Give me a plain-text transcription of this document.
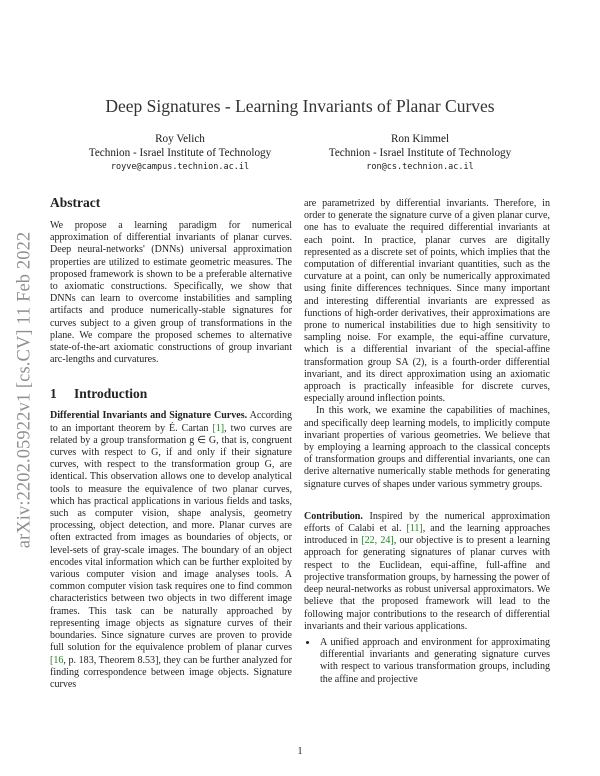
arXiv:2202.05922v1 [cs.CV] 11 Feb 2022
Deep Signatures - Learning Invariants of Planar Curves
Roy Velich
Technion - Israel Institute of Technology
royve@campus.technion.ac.il
Ron Kimmel
Technion - Israel Institute of Technology
ron@cs.technion.ac.il
Abstract

We propose a learning paradigm for numerical approximation of differential invariants of planar curves. Deep neural-networks' (DNNs) universal approximation properties are utilized to estimate geometric measures. The proposed framework is shown to be a preferable alternative to axiomatic constructions. Specifically, we show that DNNs can learn to overcome instabilities and sampling artifacts and produce numerically-stable signatures for curves subject to a given group of transformations in the plane. We compare the proposed schemes to alternative state-of-the-art axiomatic constructions of group invariant arc-lengths and curvatures.

1 Introduction

Differential Invariants and Signature Curves. According to an important theorem by É. Cartan [1], two curves are related by a group transformation g ∈ G, that is, congruent curves with respect to G, if and only if their signature curves, with respect to the transformation group G, are identical. This observation allows one to develop analytical tools to measure the equivalence of two planar curves, which has practical applications in various fields and tasks, such as computer vision, shape analysis, geometry processing, object detection, and more. Planar curves are often extracted from images as boundaries of objects, or level-sets of gray-scale images. The boundary of an object encodes vital information which can be further exploited by various computer vision and image analyses tools. A common computer vision task requires one to find common characteristics between two objects in two different image frames. This task can be naturally approached by representing image objects as signature curves of their boundaries. Since signature curves are proven to provide full solution for the equivalence problem of planar curves [16, p. 183, Theorem 8.53], they can be further analyzed for finding correspondence between image objects. Signature curves

are parametrized by differential invariants. Therefore, in order to generate the signature curve of a given planar curve, one has to evaluate the required differential invariants at each point. In practice, planar curves are digitally represented as a discrete set of points, which implies that the computation of differential invariant quantities, such as the curvature at a point, can only be numerically approximated using finite differences techniques. Since many important and interesting differential invariants are expressed as functions of high-order derivatives, their approximations are prone to numerical instabilities due to high sensitivity to sampling noise. For example, the equi-affine curvature, which is a differential invariant of the special-affine transformation group SA (2), is a fourth-order differential invariant, and its direct approximation using an axiomatic approach is practically infeasible for discrete curves, especially around inflection points.

In this work, we examine the capabilities of machines, and specifically deep learning models, to implicitly compute invariant properties of various geometries. We believe that by employing a learning approach to the classical concepts of transformation groups and differential invariants, one can derive alternative numerically stable methods for generating signature curves of shapes under various symmetry groups.

Contribution. Inspired by the numerical approximation efforts of Calabi et al. [11], and the learning approaches introduced in [22, 24], our objective is to present a learning approach for generating signatures of planar curves with respect to the Euclidean, equi-affine, full-affine and projective transformation groups, by harnessing the power of deep neural-networks as robust universal approximators. We believe that the proposed framework will lead to the following major contributions to the research of differential invariants and their various applications.

• A unified approach and environment for approximating differential invariants and generating signature curves with respect to various transformation groups, including the affine and projective
1
